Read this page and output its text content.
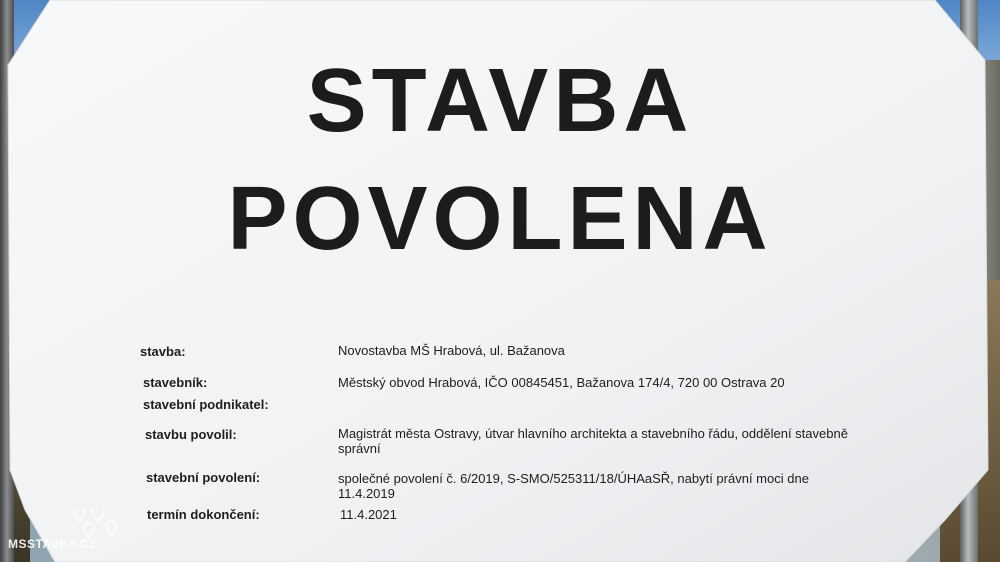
STAVBA
POVOLENA
stavba:	Novostavba MŠ Hrabová, ul. Bažanova
stavebník:	Městský obvod Hrabová, IČO 00845451, Bažanova 174/4, 720 00 Ostrava 20
stavební podnikatel:
stavbu povolil:	Magistrát města Ostravy, útvar hlavního architekta a stavebního řádu, oddělení stavebně správní
stavební povolení:	společné povolení č. 6/2019, S-SMO/525311/18/ÚHAaSŘ, nabytí právní moci dne 11.4.2019
termín dokončení:	11.4.2021
MSSTAVBY.CZ
